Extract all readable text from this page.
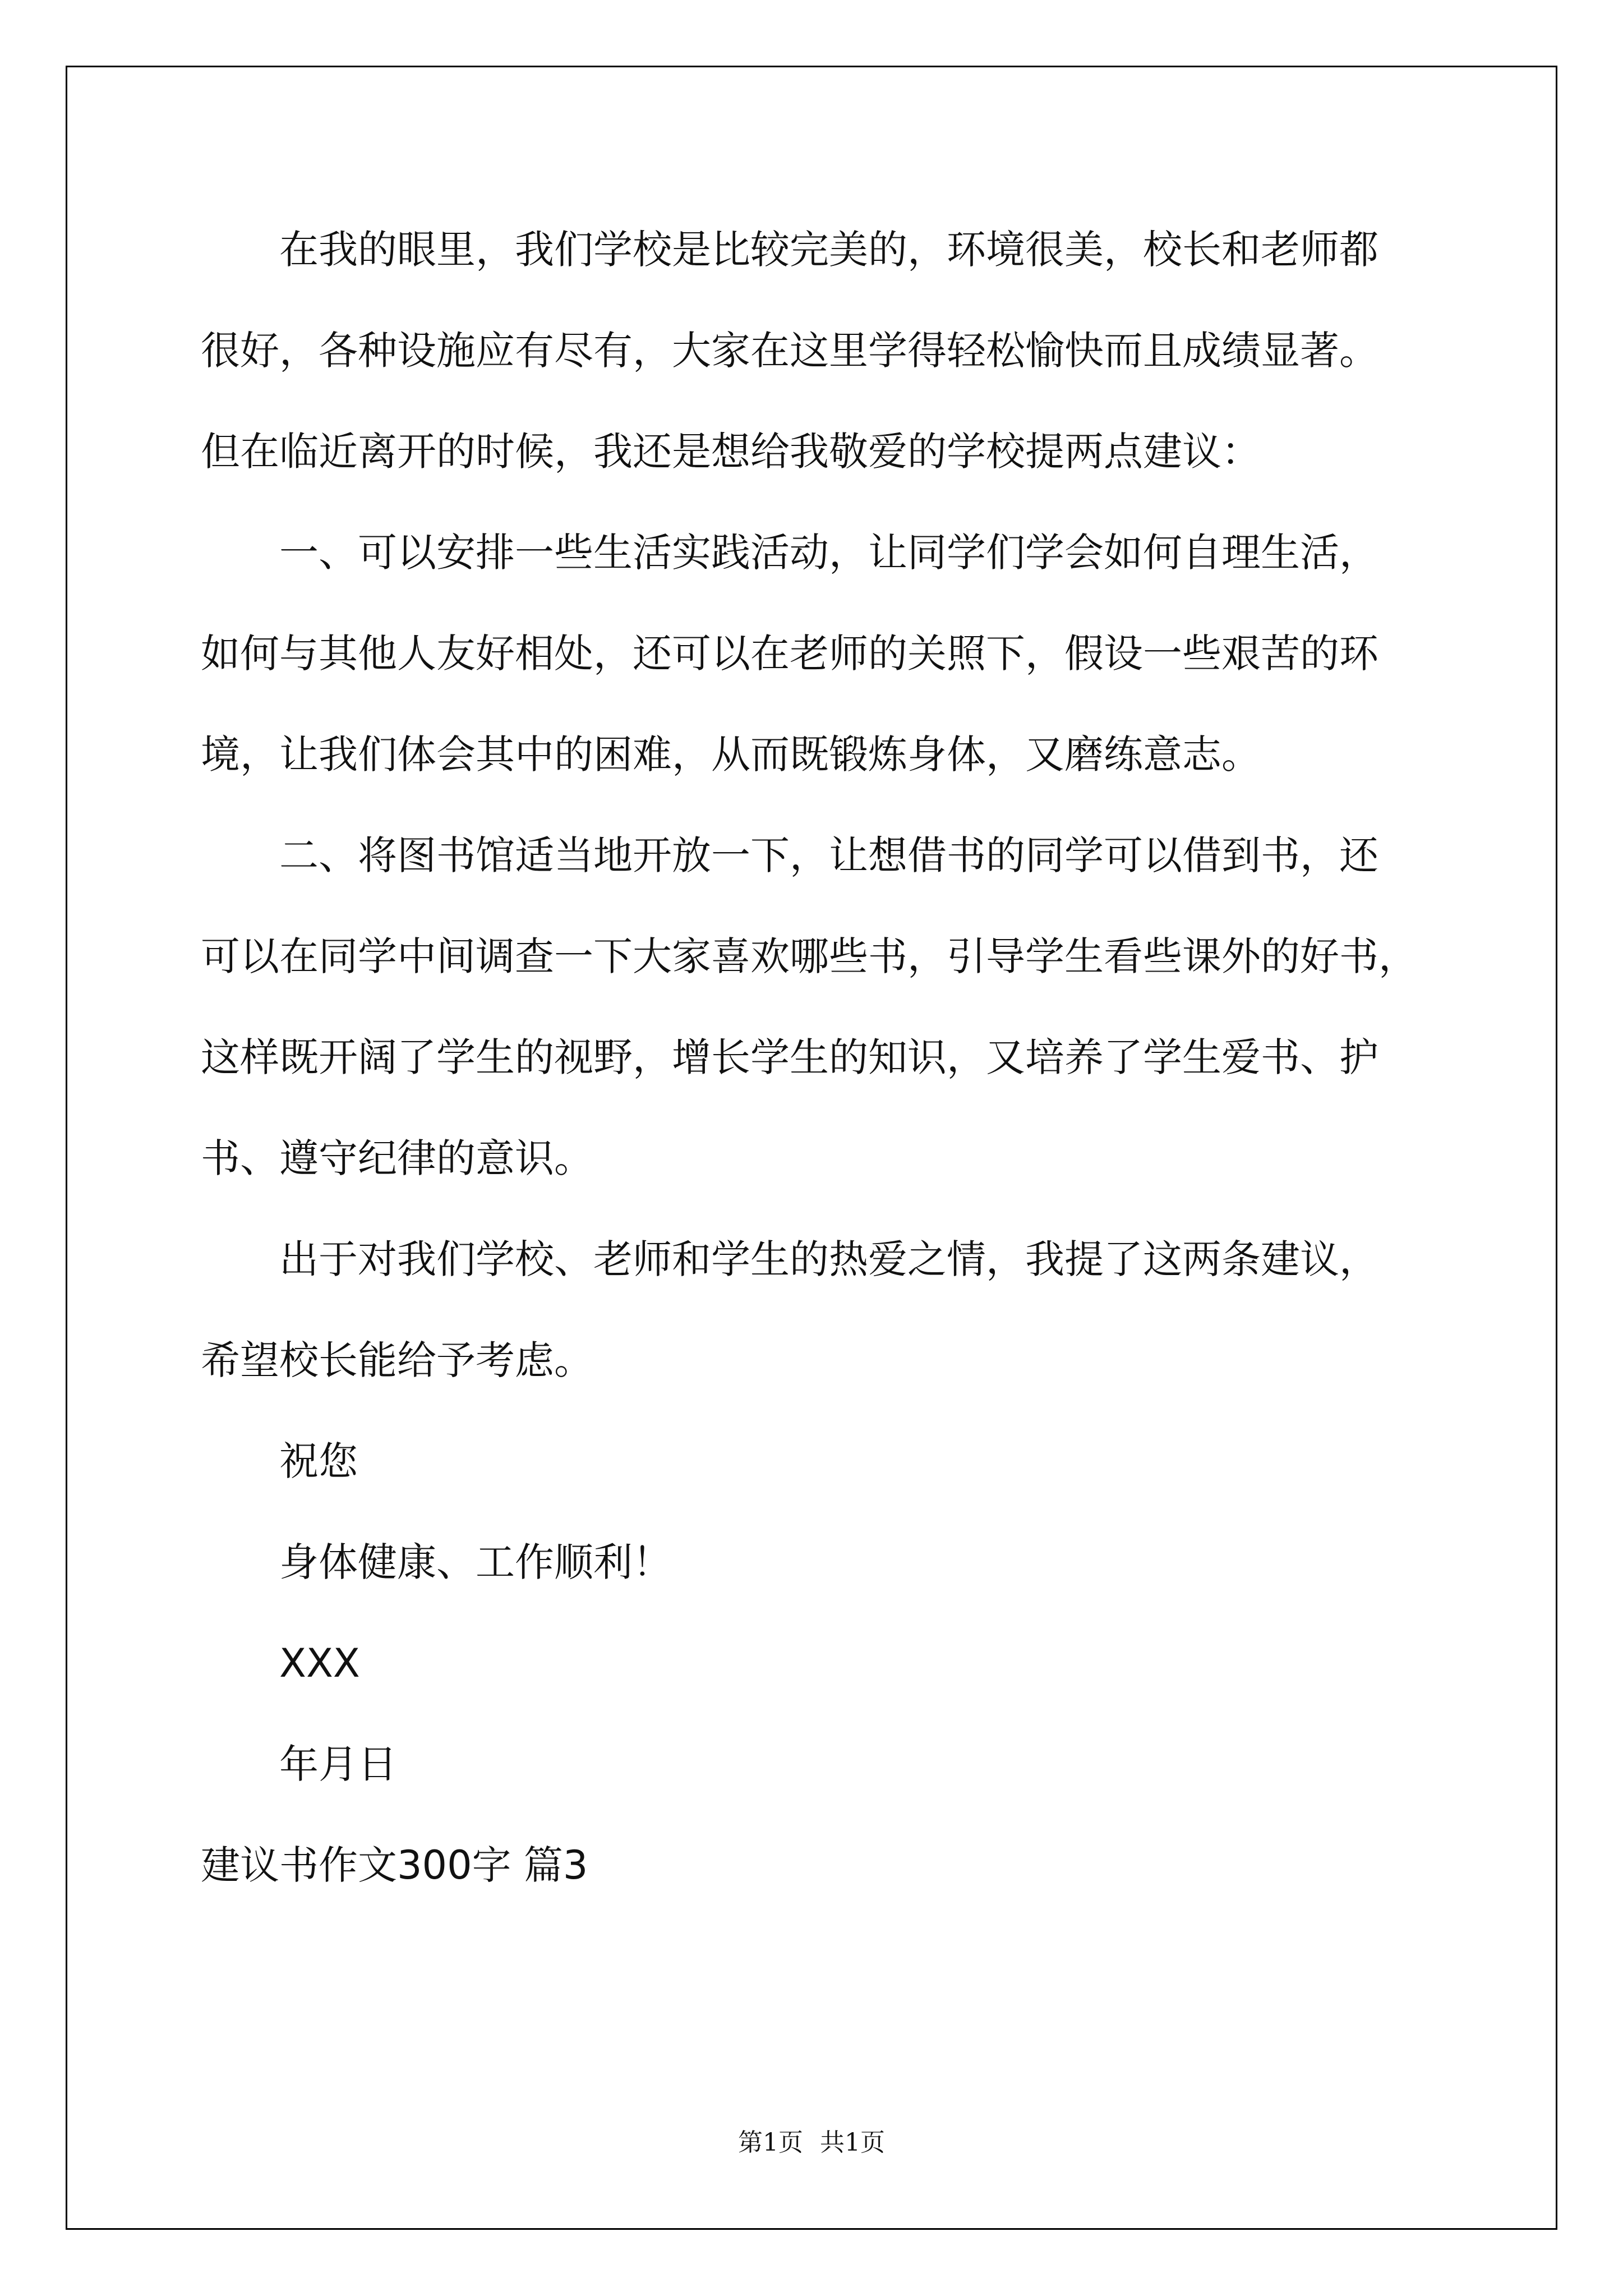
　　在我的眼里，我们学校是比较完美的，环境很美，校长和老师都
很好，各种设施应有尽有，大家在这里学得轻松愉快而且成绩显著。
但在临近离开的时候，我还是想给我敬爱的学校提两点建议：
　　一、可以安排一些生活实践活动，让同学们学会如何自理生活，
如何与其他人友好相处，还可以在老师的关照下，假设一些艰苦的环
境，让我们体会其中的困难，从而既锻炼身体，又磨练意志。
　　二、将图书馆适当地开放一下，让想借书的同学可以借到书，还
可以在同学中间调查一下大家喜欢哪些书，引导学生看些课外的好书，
这样既开阔了学生的视野，增长学生的知识，又培养了学生爱书、护
书、遵守纪律的意识。
　　出于对我们学校、老师和学生的热爱之情，我提了这两条建议，
希望校长能给予考虑。
　　祝您
　　身体健康、工作顺利！
　　XXX
　　年月日
建议书作文300字 篇3
第1页 共1页
